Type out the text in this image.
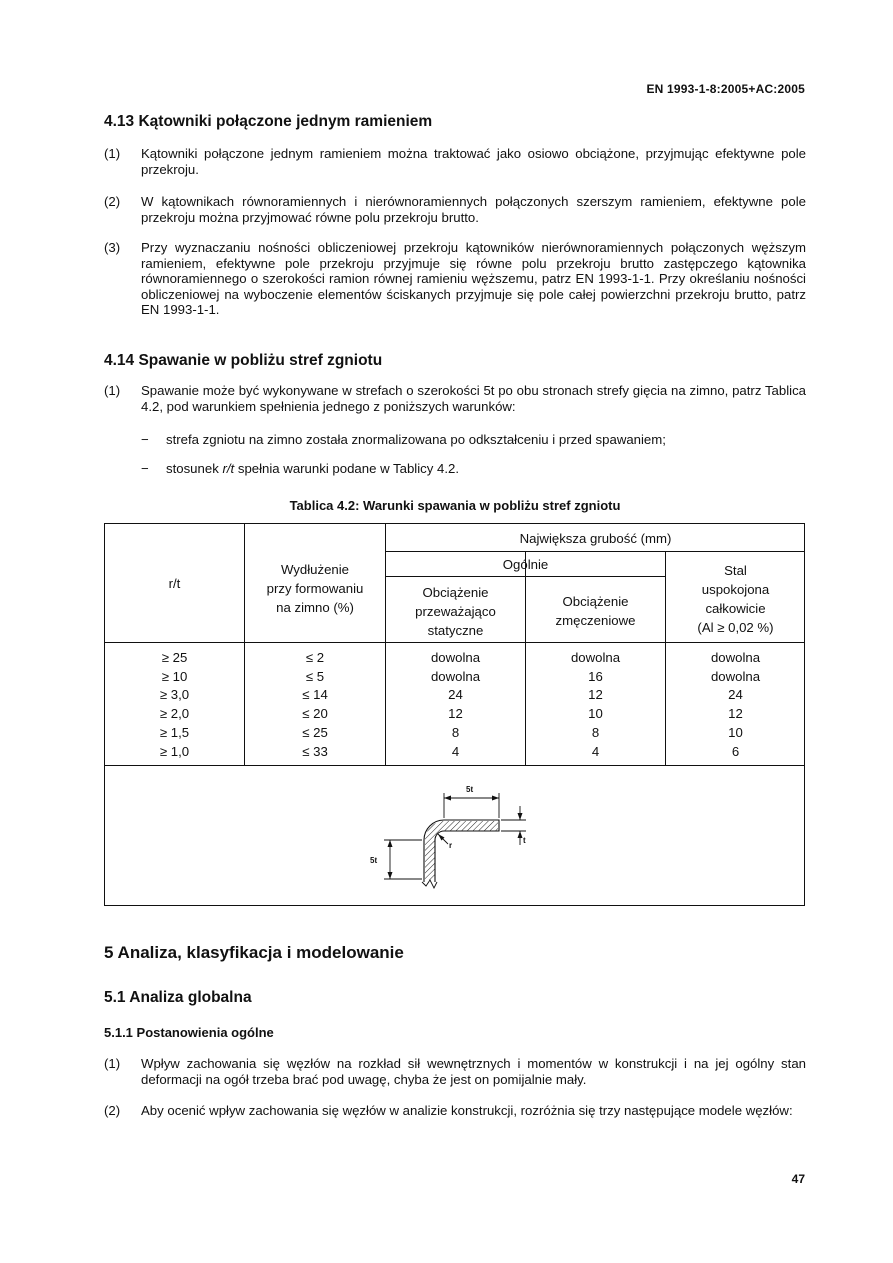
EN 1993-1-8:2005+AC:2005
4.13 Kątowniki połączone jednym ramieniem
(1) Kątowniki połączone jednym ramieniem można traktować jako osiowo obciążone, przyjmując efektywne pole przekroju.
(2) W kątownikach równoramiennych i nierównoramiennych połączonych szerszym ramieniem, efektywne pole przekroju można przyjmować równe polu przekroju brutto.
(3) Przy wyznaczaniu nośności obliczeniowej przekroju kątowników nierównoramiennych połączonych węższym ramieniem, efektywne pole przekroju przyjmuje się równe polu przekroju brutto zastępczego kątownika równoramiennego o szerokości ramion równej ramieniu węższemu, patrz EN 1993-1-1. Przy określaniu nośności obliczeniowej na wyboczenie elementów ściskanych przyjmuje się pole całej powierzchni przekroju brutto, patrz EN 1993-1-1.
4.14 Spawanie w pobliżu stref zgniotu
(1) Spawanie może być wykonywane w strefach o szerokości 5t po obu stronach strefy gięcia na zimno, patrz Tablica 4.2, pod warunkiem spełnienia jednego z poniższych warunków:
− strefa zgniotu na zimno została znormalizowana po odkształceniu i przed spawaniem;
− stosunek r/t spełnia warunki podane w Tablicy 4.2.
Tablica 4.2: Warunki spawania w pobliżu stref zgniotu
r/t
Wydłużenie
przy formowaniu
na zimno (%)
Największa grubość (mm)
Ogólnie
Obciążenie
przeważająco
statyczne
Obciążenie
zmęczeniowe
Stal
uspokojona
całkowicie
(Al ≥ 0,02 %)
≥ 25
≥ 10
≥ 3,0
≥ 2,0
≥ 1,5
≥ 1,0
≤ 2
≤ 5
≤ 14
≤ 20
≤ 25
≤ 33
dowolna
dowolna
24
12
8
4
dowolna
16
12
10
8
4
dowolna
dowolna
24
12
10
6
5t
5t
r
t
5 Analiza, klasyfikacja i modelowanie
5.1 Analiza globalna
5.1.1 Postanowienia ogólne
(1) Wpływ zachowania się węzłów na rozkład sił wewnętrznych i momentów w konstrukcji i na jej ogólny stan deformacji na ogół trzeba brać pod uwagę, chyba że jest on pomijalnie mały.
(2) Aby ocenić wpływ zachowania się węzłów w analizie konstrukcji, rozróżnia się trzy następujące modele węzłów:
47
